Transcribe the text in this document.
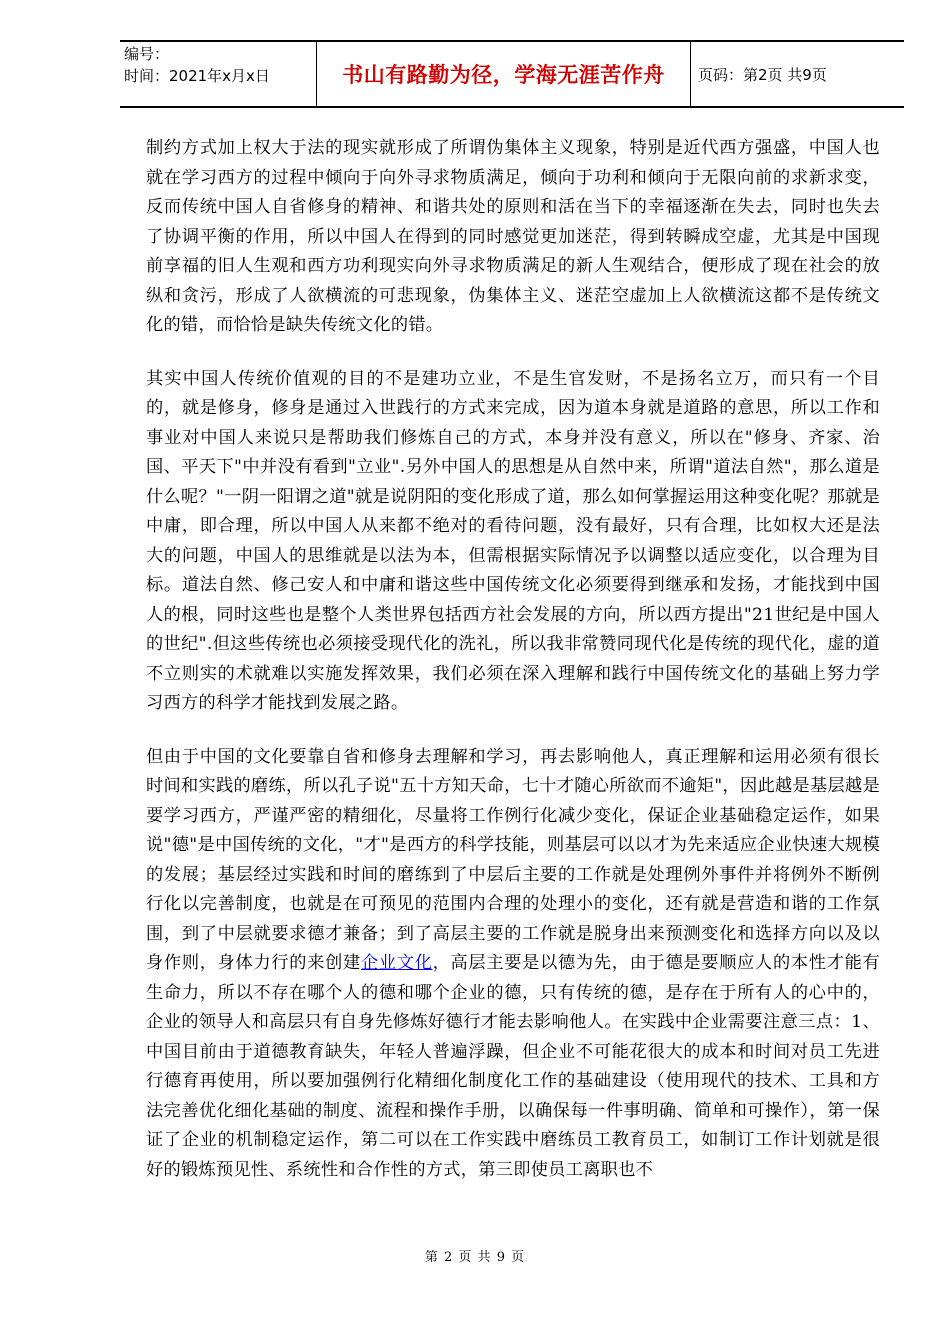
编号：
时间：2021年x月x日	书山有路勤为径，学海无涯苦作舟 页码：第2页 共9页

制约方式加上权大于法的现实就形成了所谓伪集体主义现象，特别是近代西方强盛，中国人也就在学习西方的过程中倾向于向外寻求物质满足，倾向于功利和倾向于无限向前的求新求变，反而传统中国人自省修身的精神、和谐共处的原则和活在当下的幸福逐渐在失去，同时也失去了协调平衡的作用，所以中国人在得到的同时感觉更加迷茫，得到转瞬成空虚，尤其是中国现前享福的旧人生观和西方功利现实向外寻求物质满足的新人生观结合，便形成了现在社会的放纵和贪污，形成了人欲横流的可悲现象，伪集体主义、迷茫空虚加上人欲横流这都不是传统文化的错，而恰恰是缺失传统文化的错。

其实中国人传统价值观的目的不是建功立业，不是生官发财，不是扬名立万，而只有一个目的，就是修身，修身是通过入世践行的方式来完成，因为道本身就是道路的意思，所以工作和事业对中国人来说只是帮助我们修炼自己的方式，本身并没有意义，所以在"修身、齐家、治国、平天下"中并没有看到"立业".另外中国人的思想是从自然中来，所谓"道法自然"，那么道是什么呢？"一阴一阳谓之道"就是说阴阳的变化形成了道，那么如何掌握运用这种变化呢？那就是中庸，即合理，所以中国人从来都不绝对的看待问题，没有最好，只有合理，比如权大还是法大的问题，中国人的思维就是以法为本，但需根据实际情况予以调整以适应变化，以合理为目标。道法自然、修己安人和中庸和谐这些中国传统文化必须要得到继承和发扬，才能找到中国人的根，同时这些也是整个人类世界包括西方社会发展的方向，所以西方提出"21世纪是中国人的世纪".但这些传统也必须接受现代化的洗礼，所以我非常赞同现代化是传统的现代化，虚的道不立则实的术就难以实施发挥效果，我们必须在深入理解和践行中国传统文化的基础上努力学习西方的科学才能找到发展之路。

但由于中国的文化要靠自省和修身去理解和学习，再去影响他人，真正理解和运用必须有很长时间和实践的磨练，所以孔子说"五十方知天命，七十才随心所欲而不逾矩"，因此越是基层越是要学习西方，严谨严密的精细化，尽量将工作例行化减少变化，保证企业基础稳定运作，如果说"德"是中国传统的文化，"才"是西方的科学技能，则基层可以以才为先来适应企业快速大规模的发展；基层经过实践和时间的磨练到了中层后主要的工作就是处理例外事件并将例外不断例行化以完善制度，也就是在可预见的范围内合理的处理小的变化，还有就是营造和谐的工作氛围，到了中层就要求德才兼备；到了高层主要的工作就是脱身出来预测变化和选择方向以及以身作则，身体力行的来创建企业文化，高层主要是以德为先，由于德是要顺应人的本性才能有生命力，所以不存在哪个人的德和哪个企业的德，只有传统的德，是存在于所有人的心中的，企业的领导人和高层只有自身先修炼好德行才能去影响他人。在实践中企业需要注意三点：1、中国目前由于道德教育缺失，年轻人普遍浮躁，但企业不可能花很大的成本和时间对员工先进行德育再使用，所以要加强例行化精细化制度化工作的基础建设（使用现代的技术、工具和方法完善优化细化基础的制度、流程和操作手册，以确保每一件事明确、简单和可操作），第一保证了企业的机制稳定运作，第二可以在工作实践中磨练员工教育员工，如制订工作计划就是很好的锻炼预见性、系统性和合作性的方式，第三即使员工离职也不

第 2 页 共 9 页
